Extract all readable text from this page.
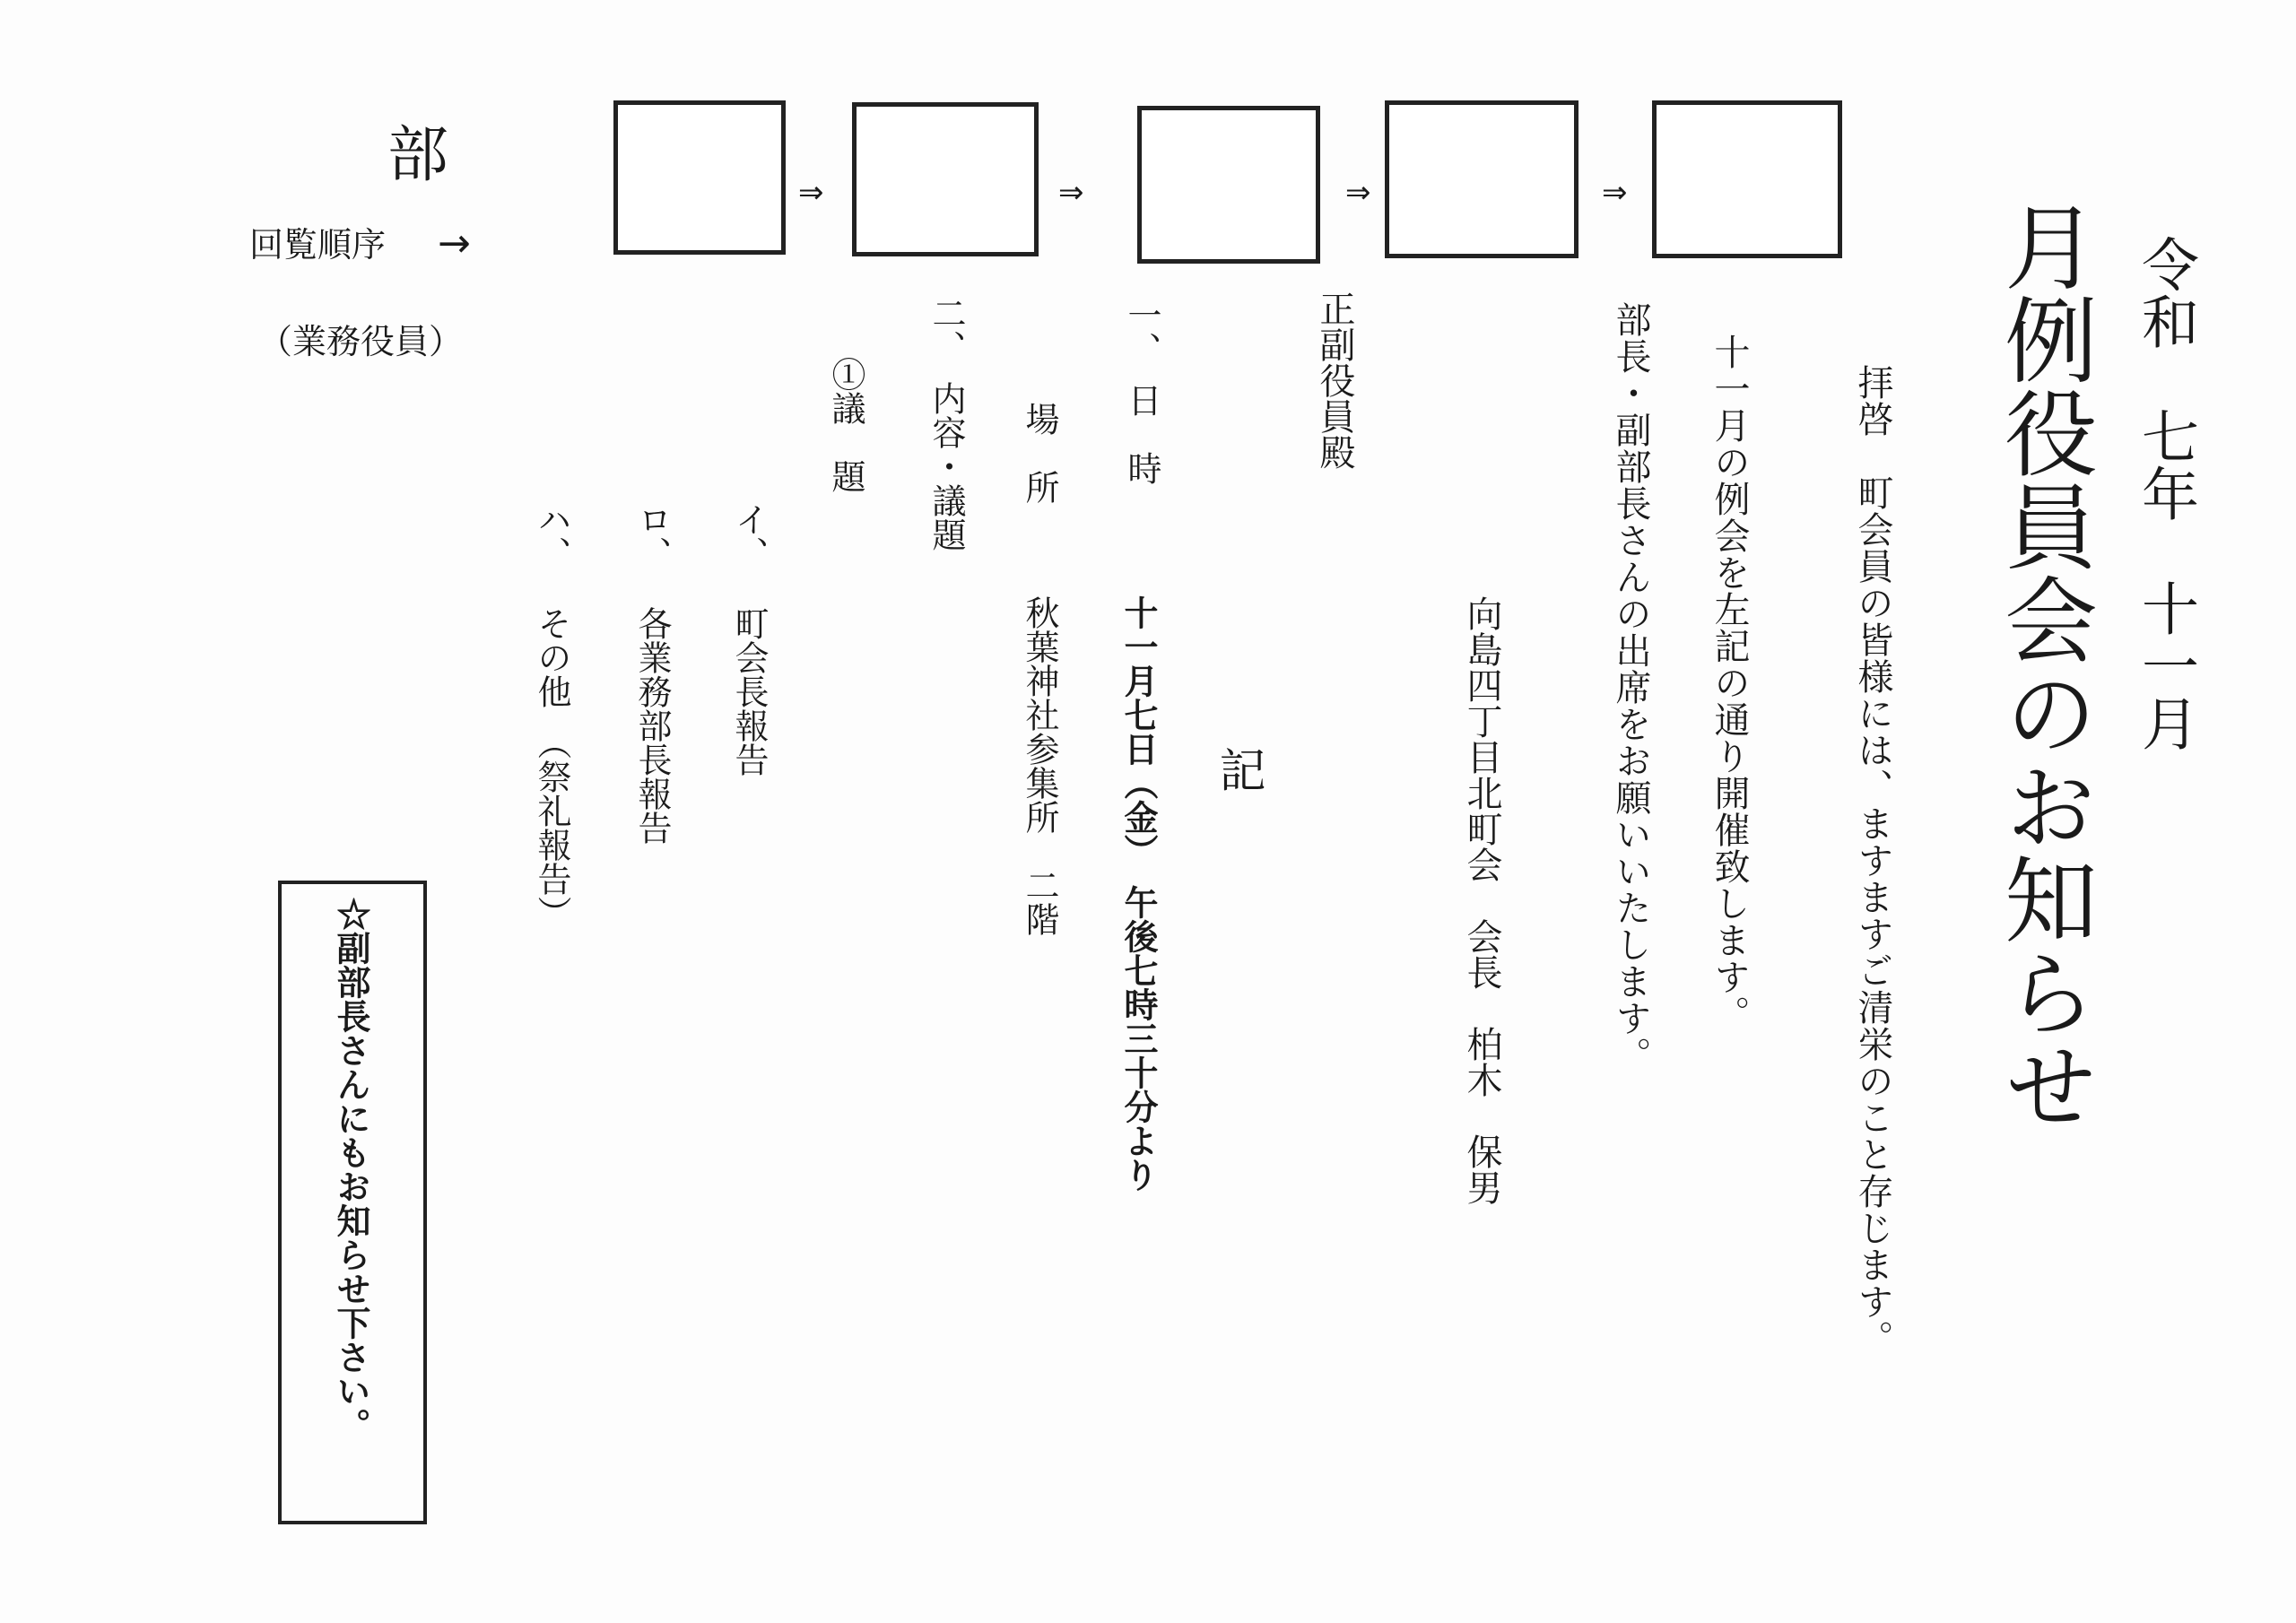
部
回覧順序 →
（業務役員）
⇒	⇒	⇒	⇒
令和　七年　十一月
月例役員会のお知らせ
拝啓　町会員の皆様には、ますますご清栄のこと存じます。
十一月の例会を左記の通り開催致します。
部長・副部長さんの出席をお願いいたします。
向島四丁目北町会　会長　柏木　保男
正副役員殿
記
一、　日　時
十一月七日（金）　午後七時三十分より
場　所
秋葉神社参集所　二階
二、　内容・議題
①議　題
イ、
町会長報告
ロ、
各業務部長報告
ハ、
その他　（祭礼報告）
☆副部長さんにもお知らせ下さい。
